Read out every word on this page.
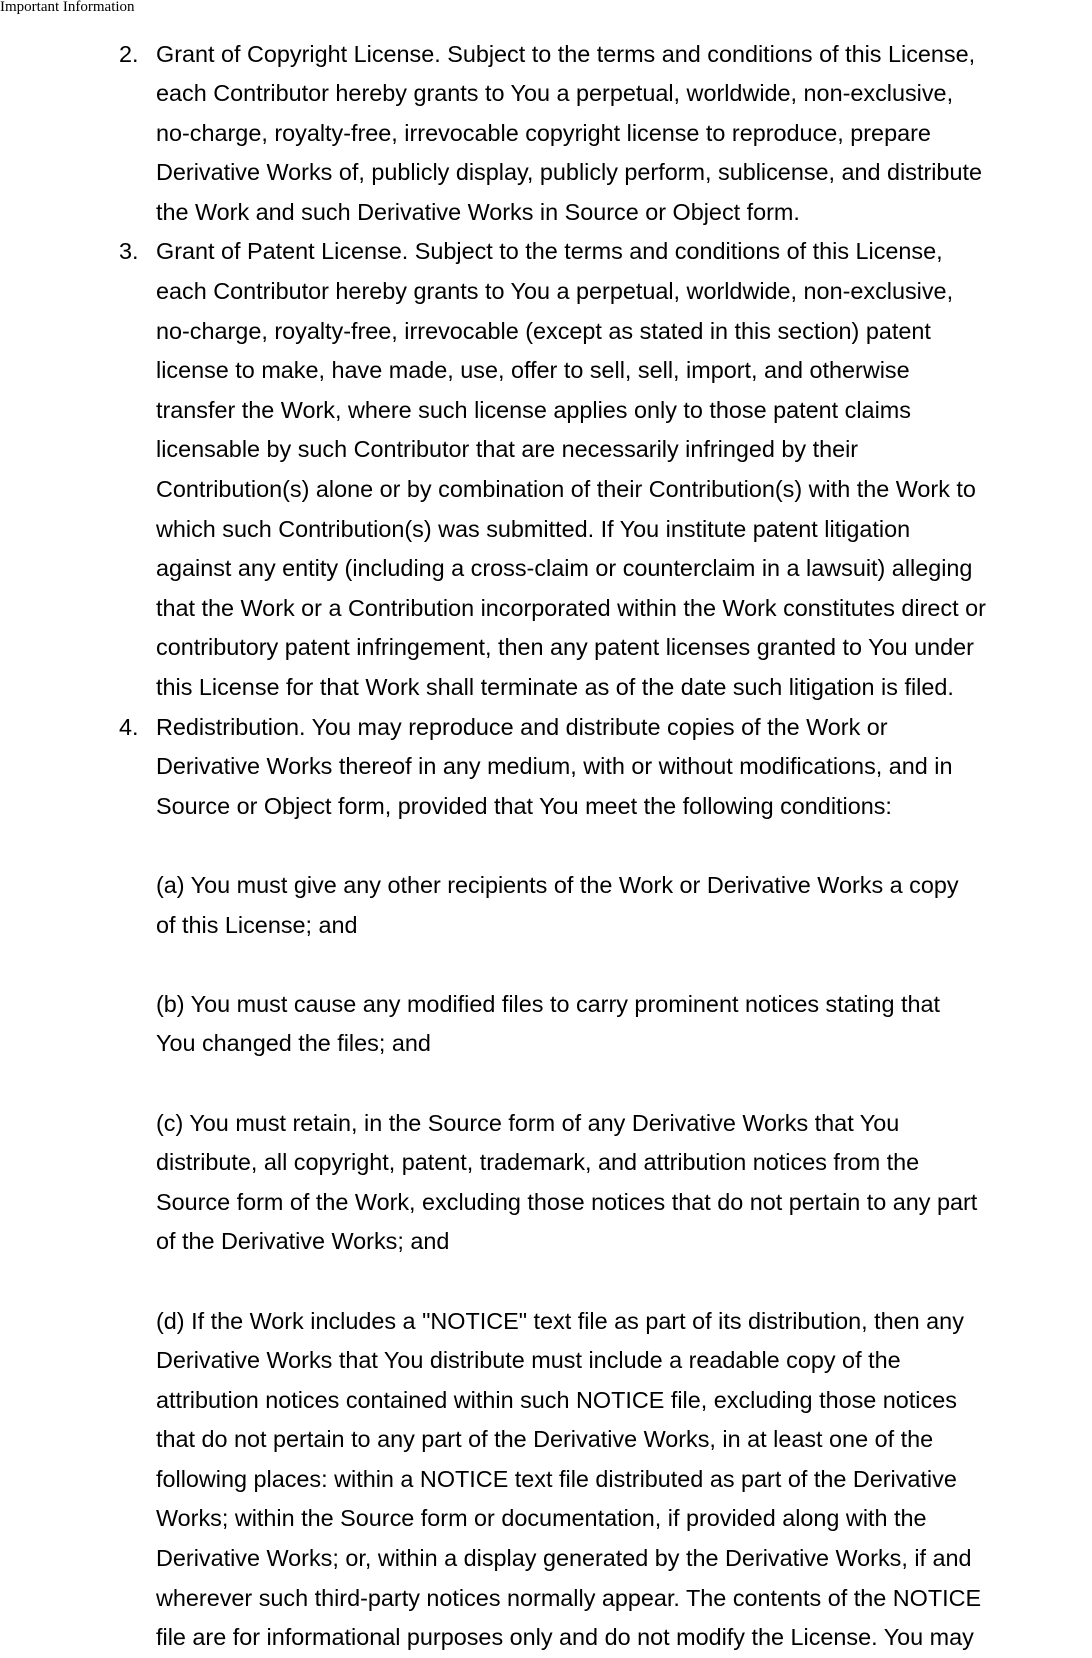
Important Information
2. Grant of Copyright License. Subject to the terms and conditions of this License,
each Contributor hereby grants to You a perpetual, worldwide, non-exclusive,
no-charge, royalty-free, irrevocable copyright license to reproduce, prepare
Derivative Works of, publicly display, publicly perform, sublicense, and distribute
the Work and such Derivative Works in Source or Object form.
3. Grant of Patent License. Subject to the terms and conditions of this License,
each Contributor hereby grants to You a perpetual, worldwide, non-exclusive,
no-charge, royalty-free, irrevocable (except as stated in this section) patent
license to make, have made, use, offer to sell, sell, import, and otherwise
transfer the Work, where such license applies only to those patent claims
licensable by such Contributor that are necessarily infringed by their
Contribution(s) alone or by combination of their Contribution(s) with the Work to
which such Contribution(s) was submitted. If You institute patent litigation
against any entity (including a cross-claim or counterclaim in a lawsuit) alleging
that the Work or a Contribution incorporated within the Work constitutes direct or
contributory patent infringement, then any patent licenses granted to You under
this License for that Work shall terminate as of the date such litigation is filed.
4. Redistribution. You may reproduce and distribute copies of the Work or
Derivative Works thereof in any medium, with or without modifications, and in
Source or Object form, provided that You meet the following conditions:
(a) You must give any other recipients of the Work or Derivative Works a copy
of this License; and
(b) You must cause any modified files to carry prominent notices stating that
You changed the files; and
(c) You must retain, in the Source form of any Derivative Works that You
distribute, all copyright, patent, trademark, and attribution notices from the
Source form of the Work, excluding those notices that do not pertain to any part
of the Derivative Works; and
(d) If the Work includes a "NOTICE" text file as part of its distribution, then any
Derivative Works that You distribute must include a readable copy of the
attribution notices contained within such NOTICE file, excluding those notices
that do not pertain to any part of the Derivative Works, in at least one of the
following places: within a NOTICE text file distributed as part of the Derivative
Works; within the Source form or documentation, if provided along with the
Derivative Works; or, within a display generated by the Derivative Works, if and
wherever such third-party notices normally appear. The contents of the NOTICE
file are for informational purposes only and do not modify the License. You may
